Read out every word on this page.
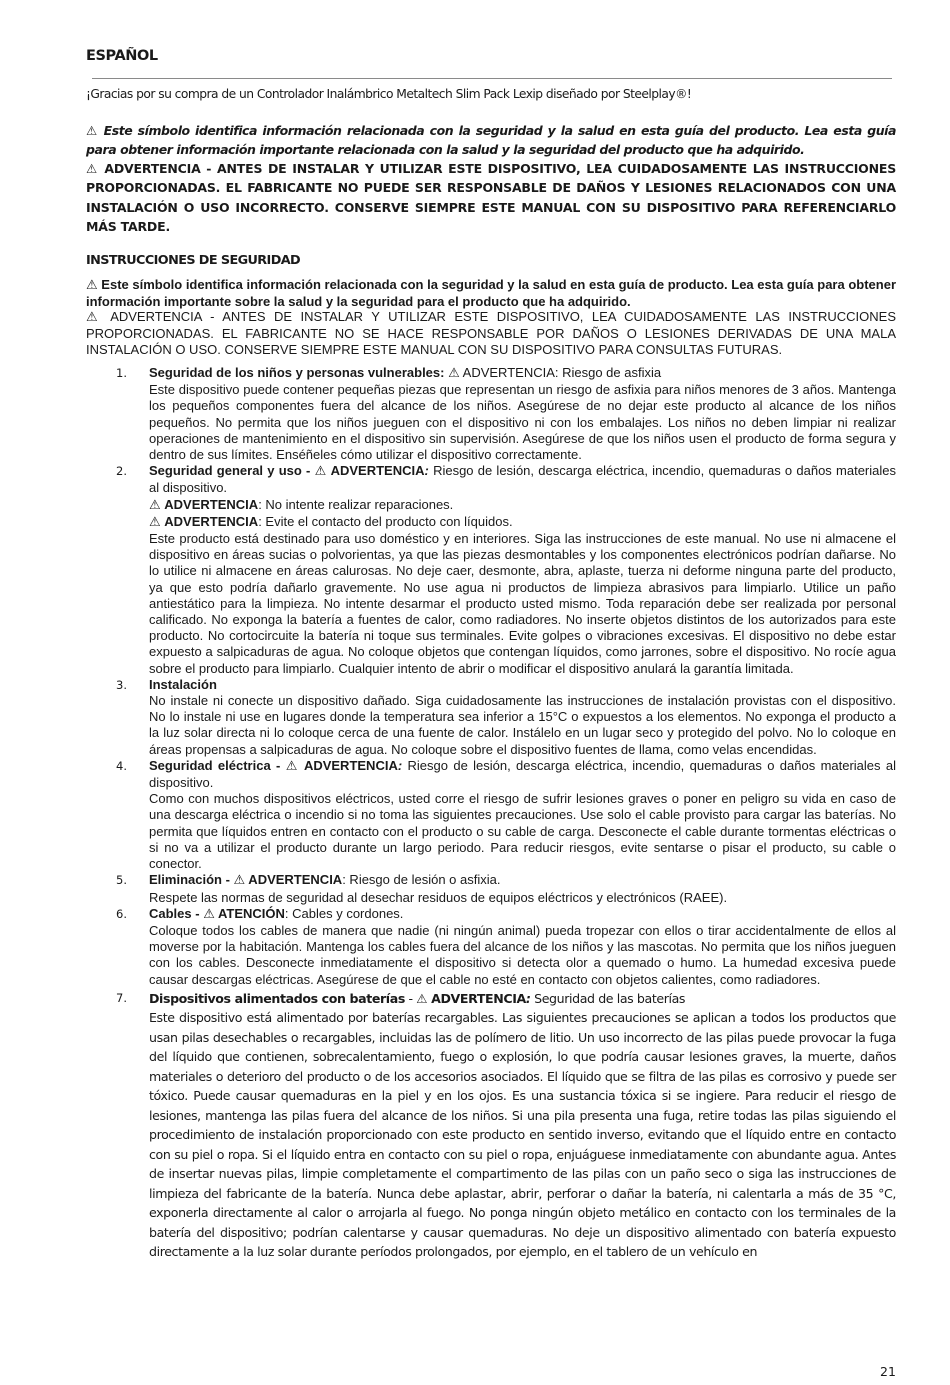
ESPAÑOL

¡Gracias por su compra de un Controlador Inalámbrico Metaltech Slim Pack Lexip diseñado por Steelplay®!

⚠ Este símbolo identifica información relacionada con la seguridad y la salud en esta guía del producto. Lea esta guía para obtener información importante relacionada con la salud y la seguridad del producto que ha adquirido.

⚠ ADVERTENCIA - ANTES DE INSTALAR Y UTILIZAR ESTE DISPOSITIVO, LEA CUIDADOSAMENTE LAS INSTRUCCIONES PROPORCIONADAS. EL FABRICANTE NO PUEDE SER RESPONSABLE DE DAÑOS Y LESIONES RELACIONADOS CON UNA INSTALACIÓN O USO INCORRECTO. CONSERVE SIEMPRE ESTE MANUAL CON SU DISPOSITIVO PARA REFERENCIARLO MÁS TARDE.

INSTRUCCIONES DE SEGURIDAD

⚠ Este símbolo identifica información relacionada con la seguridad y la salud en esta guía de producto. Lea esta guía para obtener información importante sobre la salud y la seguridad para el producto que ha adquirido.

⚠ ADVERTENCIA - ANTES DE INSTALAR Y UTILIZAR ESTE DISPOSITIVO, LEA CUIDADOSAMENTE LAS INSTRUCCIONES PROPORCIONADAS. EL FABRICANTE NO SE HACE RESPONSABLE POR DAÑOS O LESIONES DERIVADAS DE UNA MALA INSTALACIÓN O USO. CONSERVE SIEMPRE ESTE MANUAL CON SU DISPOSITIVO PARA CONSULTAS FUTURAS.

1. Seguridad de los niños y personas vulnerables: ⚠ ADVERTENCIA: Riesgo de asfixia

Este dispositivo puede contener pequeñas piezas que representan un riesgo de asfixia para niños menores de 3 años. Mantenga los pequeños componentes fuera del alcance de los niños. Asegúrese de no dejar este producto al alcance de los niños pequeños. No permita que los niños jueguen con el dispositivo ni con los embalajes. Los niños no deben limpiar ni realizar operaciones de mantenimiento en el dispositivo sin supervisión. Asegúrese de que los niños usen el producto de forma segura y dentro de sus límites. Enséñeles cómo utilizar el dispositivo correctamente.

2. Seguridad general y uso - ⚠ ADVERTENCIA: Riesgo de lesión, descarga eléctrica, incendio, quemaduras o daños materiales al dispositivo.

⚠ ADVERTENCIA: No intente realizar reparaciones.

⚠ ADVERTENCIA: Evite el contacto del producto con líquidos.

Este producto está destinado para uso doméstico y en interiores. Siga las instrucciones de este manual. No use ni almacene el dispositivo en áreas sucias o polvorientas, ya que las piezas desmontables y los componentes electrónicos podrían dañarse. No lo utilice ni almacene en áreas calurosas. No deje caer, desmonte, abra, aplaste, tuerza ni deforme ninguna parte del producto, ya que esto podría dañarlo gravemente. No use agua ni productos de limpieza abrasivos para limpiarlo. Utilice un paño antiestático para la limpieza. No intente desarmar el producto usted mismo. Toda reparación debe ser realizada por personal calificado. No exponga la batería a fuentes de calor, como radiadores. No inserte objetos distintos de los autorizados para este producto. No cortocircuite la batería ni toque sus terminales. Evite golpes o vibraciones excesivas. El dispositivo no debe estar expuesto a salpicaduras de agua. No coloque objetos que contengan líquidos, como jarrones, sobre el dispositivo. No rocíe agua sobre el producto para limpiarlo. Cualquier intento de abrir o modificar el dispositivo anulará la garantía limitada.

3. Instalación

No instale ni conecte un dispositivo dañado. Siga cuidadosamente las instrucciones de instalación provistas con el dispositivo. No lo instale ni use en lugares donde la temperatura sea inferior a 15°C o expuestos a los elementos. No exponga el producto a la luz solar directa ni lo coloque cerca de una fuente de calor. Instálelo en un lugar seco y protegido del polvo. No lo coloque en áreas propensas a salpicaduras de agua. No coloque sobre el dispositivo fuentes de llama, como velas encendidas.

4. Seguridad eléctrica - ⚠ ADVERTENCIA: Riesgo de lesión, descarga eléctrica, incendio, quemaduras o daños materiales al dispositivo.

Como con muchos dispositivos eléctricos, usted corre el riesgo de sufrir lesiones graves o poner en peligro su vida en caso de una descarga eléctrica o incendio si no toma las siguientes precauciones. Use solo el cable provisto para cargar las baterías. No permita que líquidos entren en contacto con el producto o su cable de carga. Desconecte el cable durante tormentas eléctricas o si no va a utilizar el producto durante un largo periodo. Para reducir riesgos, evite sentarse o pisar el producto, su cable o conector.

5. Eliminación - ⚠ ADVERTENCIA: Riesgo de lesión o asfixia.

Respete las normas de seguridad al desechar residuos de equipos eléctricos y electrónicos (RAEE).

6. Cables - ⚠ ATENCIÓN: Cables y cordones.

Coloque todos los cables de manera que nadie (ni ningún animal) pueda tropezar con ellos o tirar accidentalmente de ellos al moverse por la habitación. Mantenga los cables fuera del alcance de los niños y las mascotas. No permita que los niños jueguen con los cables. Desconecte inmediatamente el dispositivo si detecta olor a quemado o humo. La humedad excesiva puede causar descargas eléctricas. Asegúrese de que el cable no esté en contacto con objetos calientes, como radiadores.

7. Dispositivos alimentados con baterías - ⚠ ADVERTENCIA: Seguridad de las baterías

Este dispositivo está alimentado por baterías recargables. Las siguientes precauciones se aplican a todos los productos que usan pilas desechables o recargables, incluidas las de polímero de litio. Un uso incorrecto de las pilas puede provocar la fuga del líquido que contienen, sobrecalentamiento, fuego o explosión, lo que podría causar lesiones graves, la muerte, daños materiales o deterioro del producto o de los accesorios asociados. El líquido que se filtra de las pilas es corrosivo y puede ser tóxico. Puede causar quemaduras en la piel y en los ojos. Es una sustancia tóxica si se ingiere. Para reducir el riesgo de lesiones, mantenga las pilas fuera del alcance de los niños. Si una pila presenta una fuga, retire todas las pilas siguiendo el procedimiento de instalación proporcionado con este producto en sentido inverso, evitando que el líquido entre en contacto con su piel o ropa. Si el líquido entra en contacto con su piel o ropa, enjuáguese inmediatamente con abundante agua. Antes de insertar nuevas pilas, limpie completamente el compartimento de las pilas con un paño seco o siga las instrucciones de limpieza del fabricante de la batería. Nunca debe aplastar, abrir, perforar o dañar la batería, ni calentarla a más de 35 °C, exponerla directamente al calor o arrojarla al fuego. No ponga ningún objeto metálico en contacto con los terminales de la batería del dispositivo; podrían calentarse y causar quemaduras. No deje un dispositivo alimentado con batería expuesto directamente a la luz solar durante períodos prolongados, por ejemplo, en el tablero de un vehículo en

21
